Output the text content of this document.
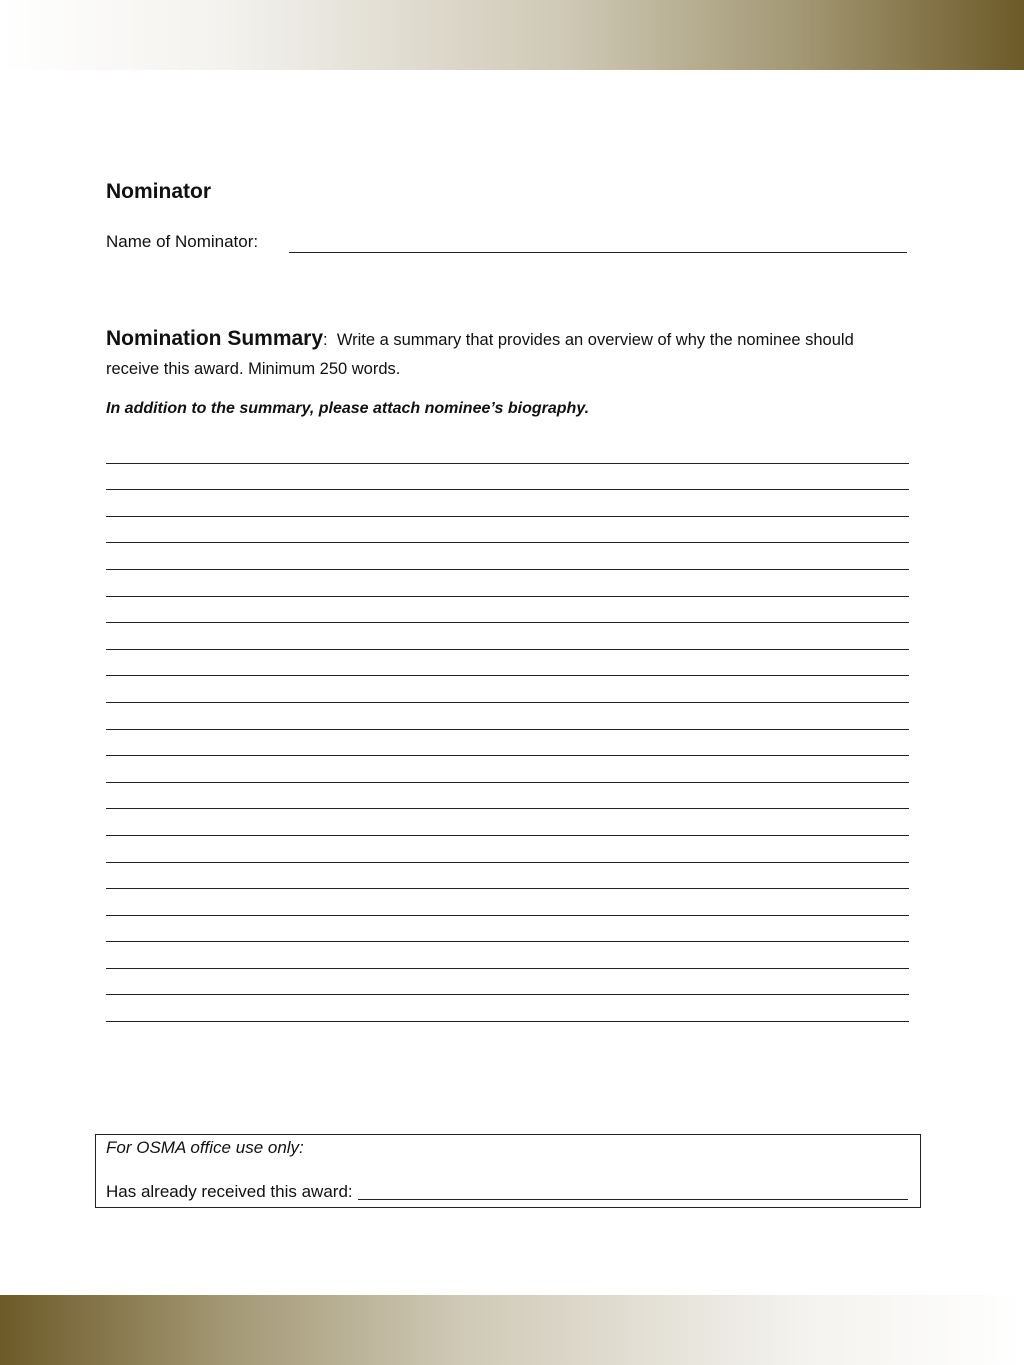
Nominator
Name of Nominator:
Nomination Summary: Write a summary that provides an overview of why the nominee should
receive this award. Minimum 250 words.
In addition to the summary, please attach nominee’s biography.
For OSMA office use only:
Has already received this award:
